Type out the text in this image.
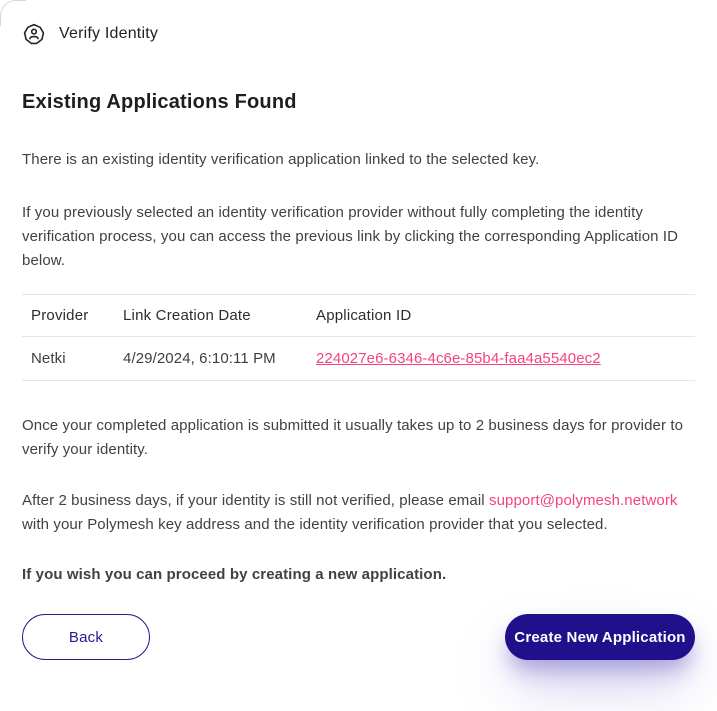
Verify Identity
Existing Applications Found

There is an existing identity verification application linked to the selected key.

If you previously selected an identity verification provider without fully completing the identity verification process, you can access the previous link by clicking the corresponding Application ID below.

Provider	Link Creation Date	Application ID
Netki	4/29/2024, 6:10:11 PM	224027e6-6346-4c6e-85b4-faa4a5540ec2

Once your completed application is submitted it usually takes up to 2 business days for provider to verify your identity.

After 2 business days, if your identity is still not verified, please email support@polymesh.network with your Polymesh key address and the identity verification provider that you selected.

If you wish you can proceed by creating a new application.

Back	Create New Application
